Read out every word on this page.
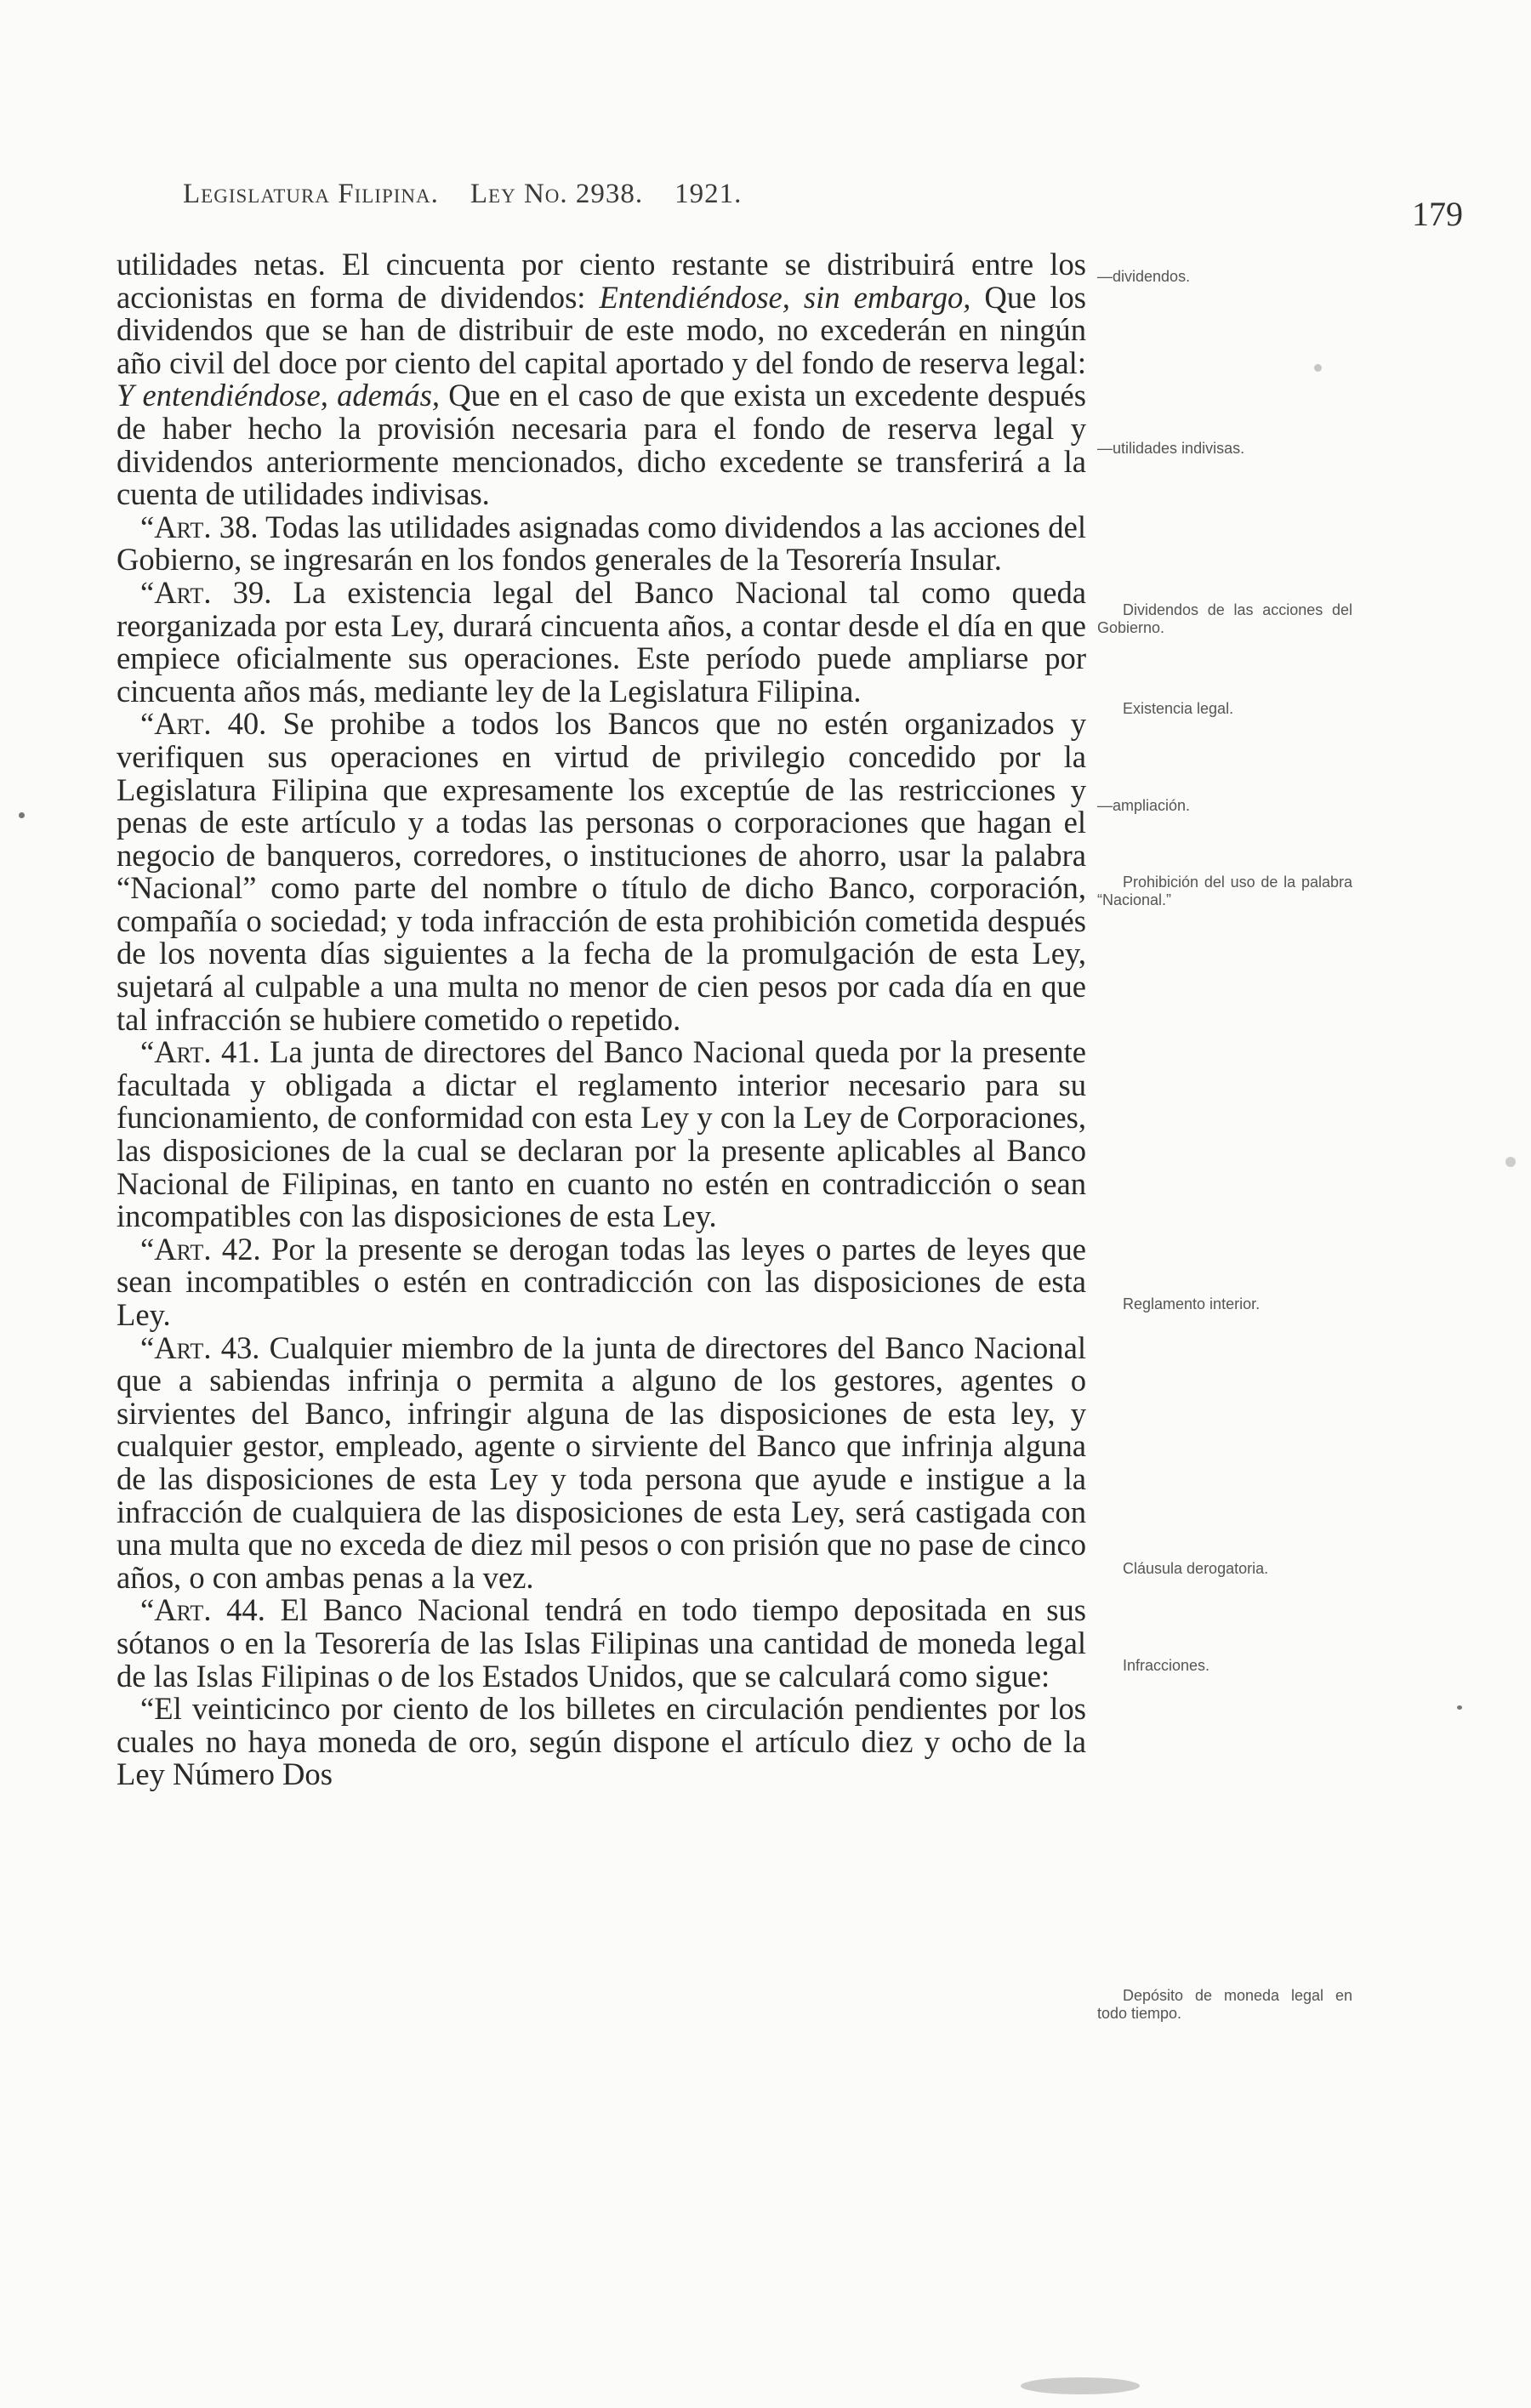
Legislatura Filipina. Ley No. 2938. 1921.
179

utilidades netas. El cincuenta por ciento restante se distribuirá entre los accionistas en forma de dividendos: Entendiéndose, sin embargo, Que los dividendos que se han de distribuir de este modo, no excederán en ningún año civil del doce por ciento del capital aportado y del fondo de reserva legal: Y entendiéndose, además, Que en el caso de que exista un excedente después de haber hecho la provisión necesaria para el fondo de reserva legal y dividendos anteriormente mencionados, dicho excedente se transferirá a la cuenta de utilidades indivisas.

“Art. 38. Todas las utilidades asignadas como dividendos a las acciones del Gobierno, se ingresarán en los fondos generales de la Tesorería Insular.

“Art. 39. La existencia legal del Banco Nacional tal como queda reorganizada por esta Ley, durará cincuenta años, a contar desde el día en que empiece oficialmente sus operaciones. Este período puede ampliarse por cincuenta años más, mediante ley de la Legislatura Filipina.

“Art. 40. Se prohibe a todos los Bancos que no estén organizados y verifiquen sus operaciones en virtud de privilegio concedido por la Legislatura Filipina que expresamente los exceptúe de las restricciones y penas de este artículo y a todas las personas o corporaciones que hagan el negocio de banqueros, corredores, o instituciones de ahorro, usar la palabra “Nacional” como parte del nombre o título de dicho Banco, corporación, compañía o sociedad; y toda infracción de esta prohibición cometida después de los noventa días siguientes a la fecha de la promulgación de esta Ley, sujetará al culpable a una multa no menor de cien pesos por cada día en que tal infracción se hubiere cometido o repetido.

“Art. 41. La junta de directores del Banco Nacional queda por la presente facultada y obligada a dictar el reglamento interior necesario para su funcionamiento, de conformidad con esta Ley y con la Ley de Corporaciones, las disposiciones de la cual se declaran por la presente aplicables al Banco Nacional de Filipinas, en tanto en cuanto no estén en contradicción o sean incompatibles con las disposiciones de esta Ley.

“Art. 42. Por la presente se derogan todas las leyes o partes de leyes que sean incompatibles o estén en contradicción con las disposiciones de esta Ley.

“Art. 43. Cualquier miembro de la junta de directores del Banco Nacional que a sabiendas infrinja o permita a alguno de los gestores, agentes o sirvientes del Banco, infringir alguna de las disposiciones de esta ley, y cualquier gestor, empleado, agente o sirviente del Banco que infrinja alguna de las disposiciones de esta Ley y toda persona que ayude e instigue a la infracción de cualquiera de las disposiciones de esta Ley, será castigada con una multa que no exceda de diez mil pesos o con prisión que no pase de cinco años, o con ambas penas a la vez.

“Art. 44. El Banco Nacional tendrá en todo tiempo depositada en sus sótanos o en la Tesorería de las Islas Filipinas una cantidad de moneda legal de las Islas Filipinas o de los Estados Unidos, que se calculará como sigue:

“El veinticinco por ciento de los billetes en circulación pendientes por los cuales no haya moneda de oro, según dispone el artículo diez y ocho de la Ley Número Dos

—dividendos.
—utilidades indivisas.
Dividendos de las acciones del Gobierno.
Existencia legal.
—ampliación.
Prohibición del uso de la palabra “Nacional.”
Reglamento interior.
Cláusula derogatoria.
Infracciones.
Depósito de moneda legal en todo tiempo.
